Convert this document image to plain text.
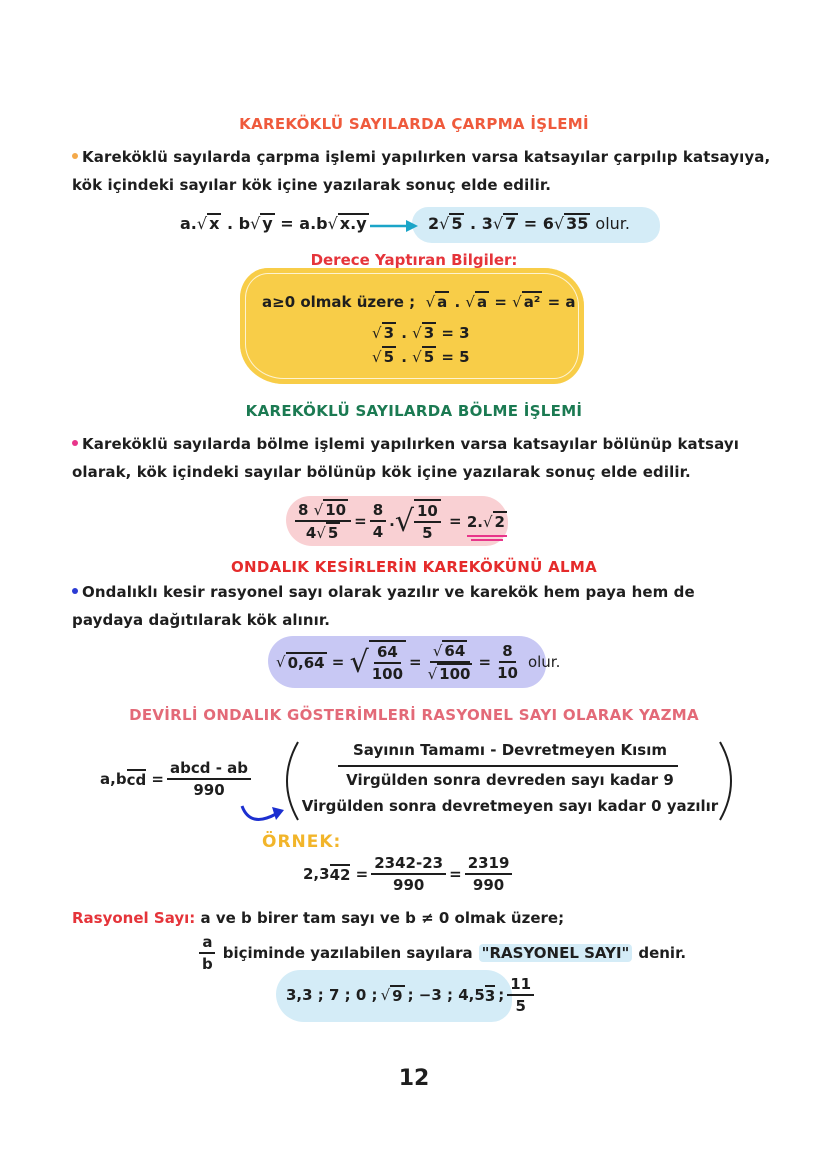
KAREKÖKLÜ SAYILARDA ÇARPMA İŞLEMİ
Kareköklü sayılarda çarpma işlemi yapılırken varsa katsayılar çarpılıp katsayıya,
kök içindeki sayılar kök içine yazılarak sonuç elde edilir.
a.√ x . b√ y = a.b√ x.y	2√ 5 . 3√ 7 = 6√ 35 olur.
Derece Yaptıran Bilgiler:
a≥0 olmak üzere ; √ a . √ a = √ a² = a
√ 3 . √ 3 = 3
√ 5 . √ 5 = 5
KAREKÖKLÜ SAYILARDA BÖLME İŞLEMİ
Kareköklü sayılarda bölme işlemi yapılırken varsa katsayılar bölünüp katsayı
olarak, kök içindeki sayılar bölünüp kök içine yazılarak sonuç elde edilir.
$\frac{8 √ 10}{4√ 5} = \frac{8}{4}$ . √ $\frac{10}{5} = 2.√$ 2
ONDALIK KESİRLERİN KAREKÖKÜNÜ ALMA
Ondalıklı kesir rasyonel sayı olarak yazılır ve karekök hem paya hem de
paydaya dağıtılarak kök alınır.
√ 0,64 = √ $\frac{64}{100} = \frac{√ 64}{√ 100} = \frac{8}{10}$ olur.
DEVİRLİ ONDALIK GÖSTERİMLERİ RASYONEL SAYI OLARAK YAZMA
a,b cd = $\frac{\text{abcd - ab}}{990}$
Sayının Tamamı - Devretmeyen Kısım
Virgülden sonra devreden sayı kadar 9
Virgülden sonra devretmeyen sayı kadar 0 yazılır
ÖRNEK:
2,3 $42 = \frac{2342-23}{990} = \frac{2319}{990}$
Rasyonel Sayı: a ve b birer tam sayı ve b ≠ 0 olmak üzere;
$\frac{a}{b}$ biçiminde yazılabilen sayılara "RASYONEL SAYI" denir.
3,3 ; 7 ; 0 ; √ 9 ; −3 ; 4,5 3 ; $\frac{11}{5}$
12
